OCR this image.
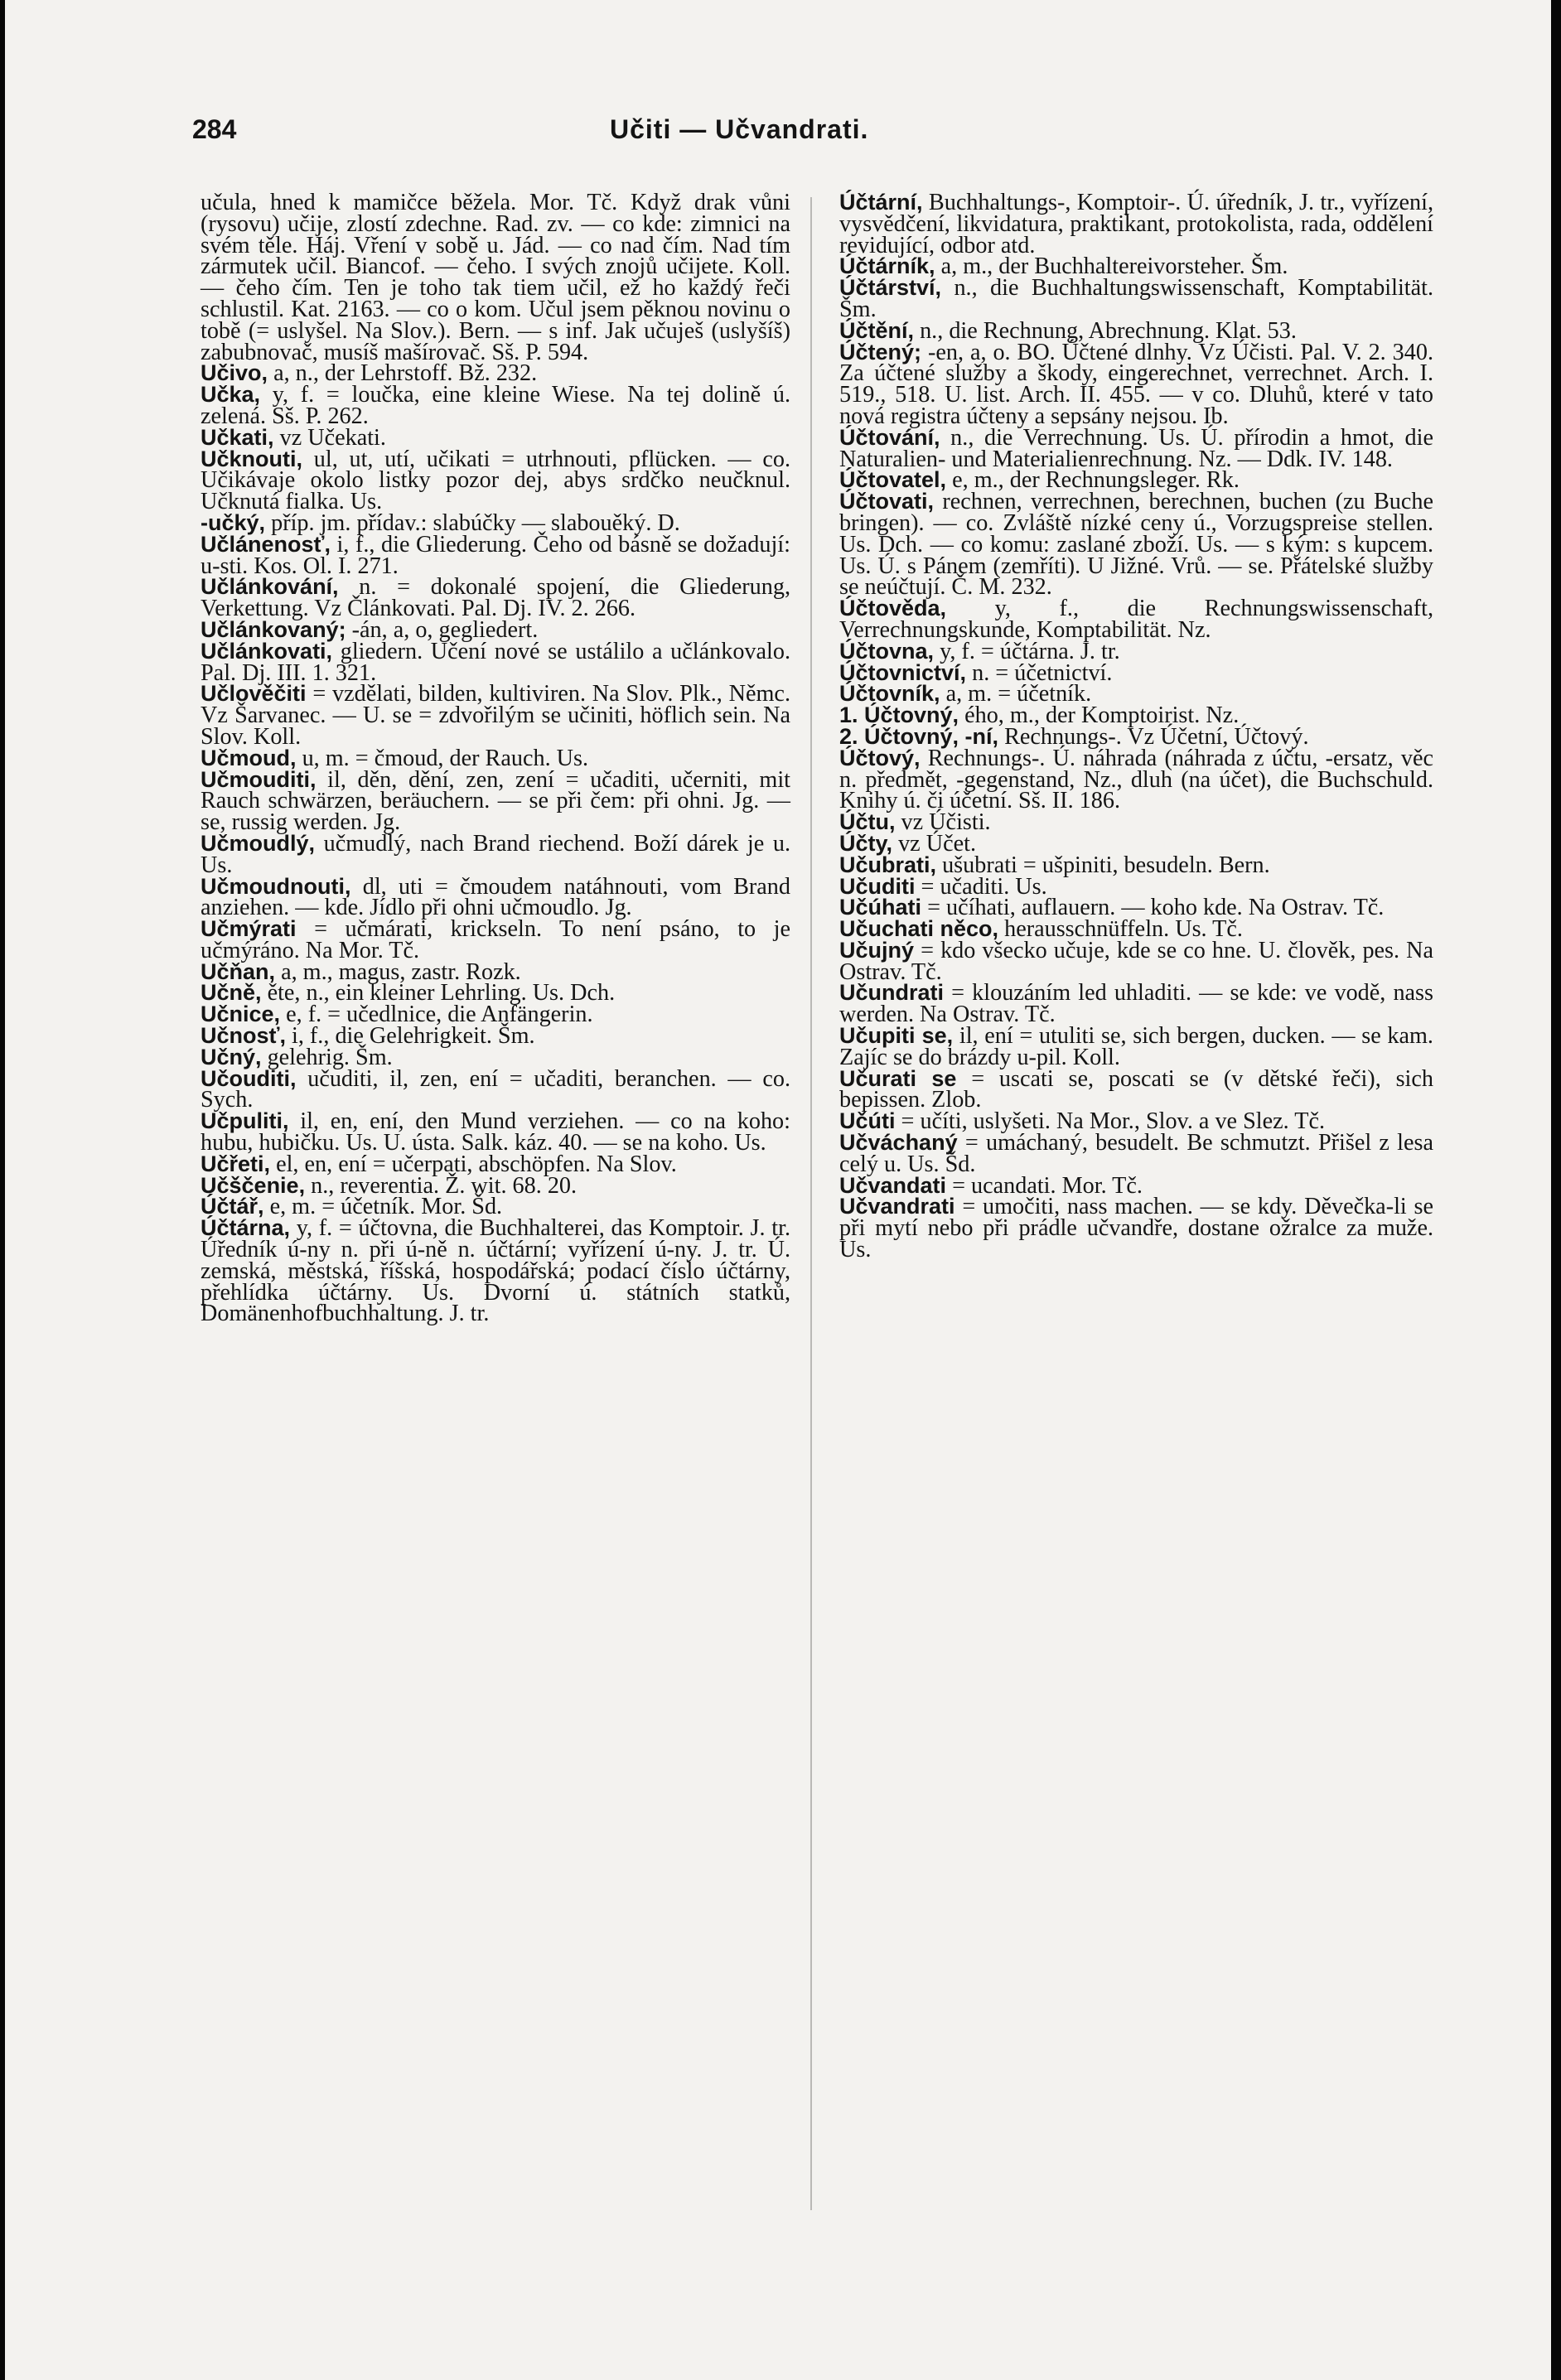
284	Učiti — Učvandrati.

učula, hned k mamičce běžela. Mor. Tč. Když drak vůni (rysovu) učije, zlostí zdechne. Rad. zv. — co kde: zimnici na svém těle. Háj. Vření v sobě u. Jád. — co nad čím. Nad tím zármutek učil. Biancof. — čeho. I svých znojů učijete. Koll. — čeho čím. Ten je toho tak tiem učil, ež ho každý řeči schlustil. Kat. 2163. — co o kom. Učul jsem pěknou novinu o tobě (= uslyšel. Na Slov.). Bern. — s inf. Jak učuješ (uslyšíš) zabubnovač, musíš mašírovač. Sš. P. 594.

Učivo, a, n., der Lehrstoff. Bž. 232.

Učka, y, f. = loučka, eine kleine Wiese. Na tej dolině ú. zelená. Sš. P. 262.

Učkati, vz Učekati.

Učknouti, ul, ut, utí, učikati = utrhnouti, pflücken. — co. Učikávaje okolo listky pozor dej, abys srdčko neučknul. Učknutá fialka. Us.

-učký, příp. jm. přídav.: slabúčky — slabouěký. D.

Učlánenosť, i, f., die Gliederung. Čeho od básně se dožadují: u-sti. Kos. Ol. I. 271.

Učlánkování, n. = dokonalé spojení, die Gliederung, Verkettung. Vz Článkovati. Pal. Dj. IV. 2. 266.

Učlánkovaný; -án, a, o, gegliedert.

Učlánkovati, gliedern. Učení nové se ustálilo a učlánkovalo. Pal. Dj. III. 1. 321.

Učlověčiti = vzdělati, bilden, kultiviren. Na Slov. Plk., Němc. Vz Šarvanec. — U. se = zdvořilým se učiniti, höflich sein. Na Slov. Koll.

Učmoud, u, m. = čmoud, der Rauch. Us.

Učmouditi, il, děn, dění, zen, zení = učaditi, učerniti, mit Rauch schwärzen, beräuchern. — se při čem: při ohni. Jg. — se, russig werden. Jg.

Učmoudlý, učmudlý, nach Brand riechend. Boží dárek je u. Us.

Učmoudnouti, dl, uti = čmoudem natáhnouti, vom Brand anziehen. — kde. Jídlo při ohni učmoudlo. Jg.

Učmýrati = učmárati, krickseln. To není psáno, to je učmýráno. Na Mor. Tč.

Učňan, a, m., magus, zastr. Rozk.

Učně, ěte, n., ein kleiner Lehrling. Us. Dch.

Učnice, e, f. = učedlnice, die Anfängerin.

Učnosť, i, f., die Gelehrigkeit. Šm.

Učný, gelehrig. Šm.

Učouditi, učuditi, il, zen, ení = učaditi, beranchen. — co. Sych.

Učpuliti, il, en, ení, den Mund verziehen. — co na koho: hubu, hubičku. Us. U. ústa. Salk. káz. 40. — se na koho. Us.

Učřeti, el, en, ení = učerpati, abschöpfen. Na Slov.

Učščenie, n., reverentia. Ž. wit. 68. 20.

Účtář, e, m. = účetník. Mor. Šd.

Účtárna, y, f. = účtovna, die Buchhalterei, das Komptoir. J. tr. Úředník ú-ny n. při ú-ně n. účtární; vyřízení ú-ny. J. tr. Ú. zemská, městská, říšská, hospodářská; podací číslo účtárny, přehlídka účtárny. Us. Dvorní ú. státních statků, Domänenhofbuchhaltung. J. tr.

Účtární, Buchhaltungs-, Komptoir-. Ú. úředník, J. tr., vyřízení, vysvědčení, likvidatura, praktikant, protokolista, rada, oddělení revidující, odbor atd.

Účtárník, a, m., der Buchhaltereivorsteher. Šm.

Účtárství, n., die Buchhaltungswissenschaft, Komptabilität. Šm.

Účtění, n., die Rechnung, Abrechnung. Klat. 53.

Účtený; -en, a, o. BO. Účtené dlnhy. Vz Účisti. Pal. V. 2. 340. Za účtené služby a škody, eingerechnet, verrechnet. Arch. I. 519., 518. U. list. Arch. II. 455. — v co. Dluhů, které v tato nová registra účteny a sepsány nejsou. Ib.

Účtování, n., die Verrechnung. Us. Ú. přírodin a hmot, die Naturalien- und Materialienrechnung. Nz. — Ddk. IV. 148.

Účtovatel, e, m., der Rechnungsleger. Rk.

Účtovati, rechnen, verrechnen, berechnen, buchen (zu Buche bringen). — co. Zvláště nízké ceny ú., Vorzugspreise stellen. Us. Dch. — co komu: zaslané zboží. Us. — s kým: s kupcem. Us. Ú. s Pánem (zemříti). U Jižné. Vrů. — se. Přátelské služby se neúčtují. Č. M. 232.

Účtověda, y, f., die Rechnungswissenschaft, Verrechnungskunde, Komptabilität. Nz.

Účtovna, y, f. = účtárna. J. tr.

Účtovnictví, n. = účetnictví.

Účtovník, a, m. = účetník.

1. Účtovný, ého, m., der Komptoirist. Nz.

2. Účtovný, -ní, Rechnungs-. Vz Účetní, Účtový.

Účtový, Rechnungs-. Ú. náhrada (náhrada z účtu, -ersatz, věc n. předmět, -gegenstand, Nz., dluh (na účet), die Buchschuld. Knihy ú. či účetní. Sš. II. 186.

Účtu, vz Účisti.

Účty, vz Účet.

Učubrati, ušubrati = ušpiniti, besudeln. Bern.

Učuditi = učaditi. Us.

Učúhati = učíhati, auflauern. — koho kde. Na Ostrav. Tč.

Učuchati něco, herausschnüffeln. Us. Tč.

Učujný = kdo všecko učuje, kde se co hne. U. člověk, pes. Na Ostrav. Tč.

Učundrati = klouzáním led uhladiti. — se kde: ve vodě, nass werden. Na Ostrav. Tč.

Učupiti se, il, ení = utuliti se, sich bergen, ducken. — se kam. Zajíc se do brázdy u-pil. Koll.

Učurati se = uscati se, poscati se (v dětské řeči), sich bepissen. Zlob.

Učúti = učíti, uslyšeti. Na Mor., Slov. a ve Slez. Tč.

Učváchaný = umáchaný, besudelt. Be schmutzt. Přišel z lesa celý u. Us. Šd.

Učvandati = ucandati. Mor. Tč.

Učvandrati = umočiti, nass machen. — se kdy. Děvečka-li se při mytí nebo při prádle učvandře, dostane ožralce za muže. Us.
